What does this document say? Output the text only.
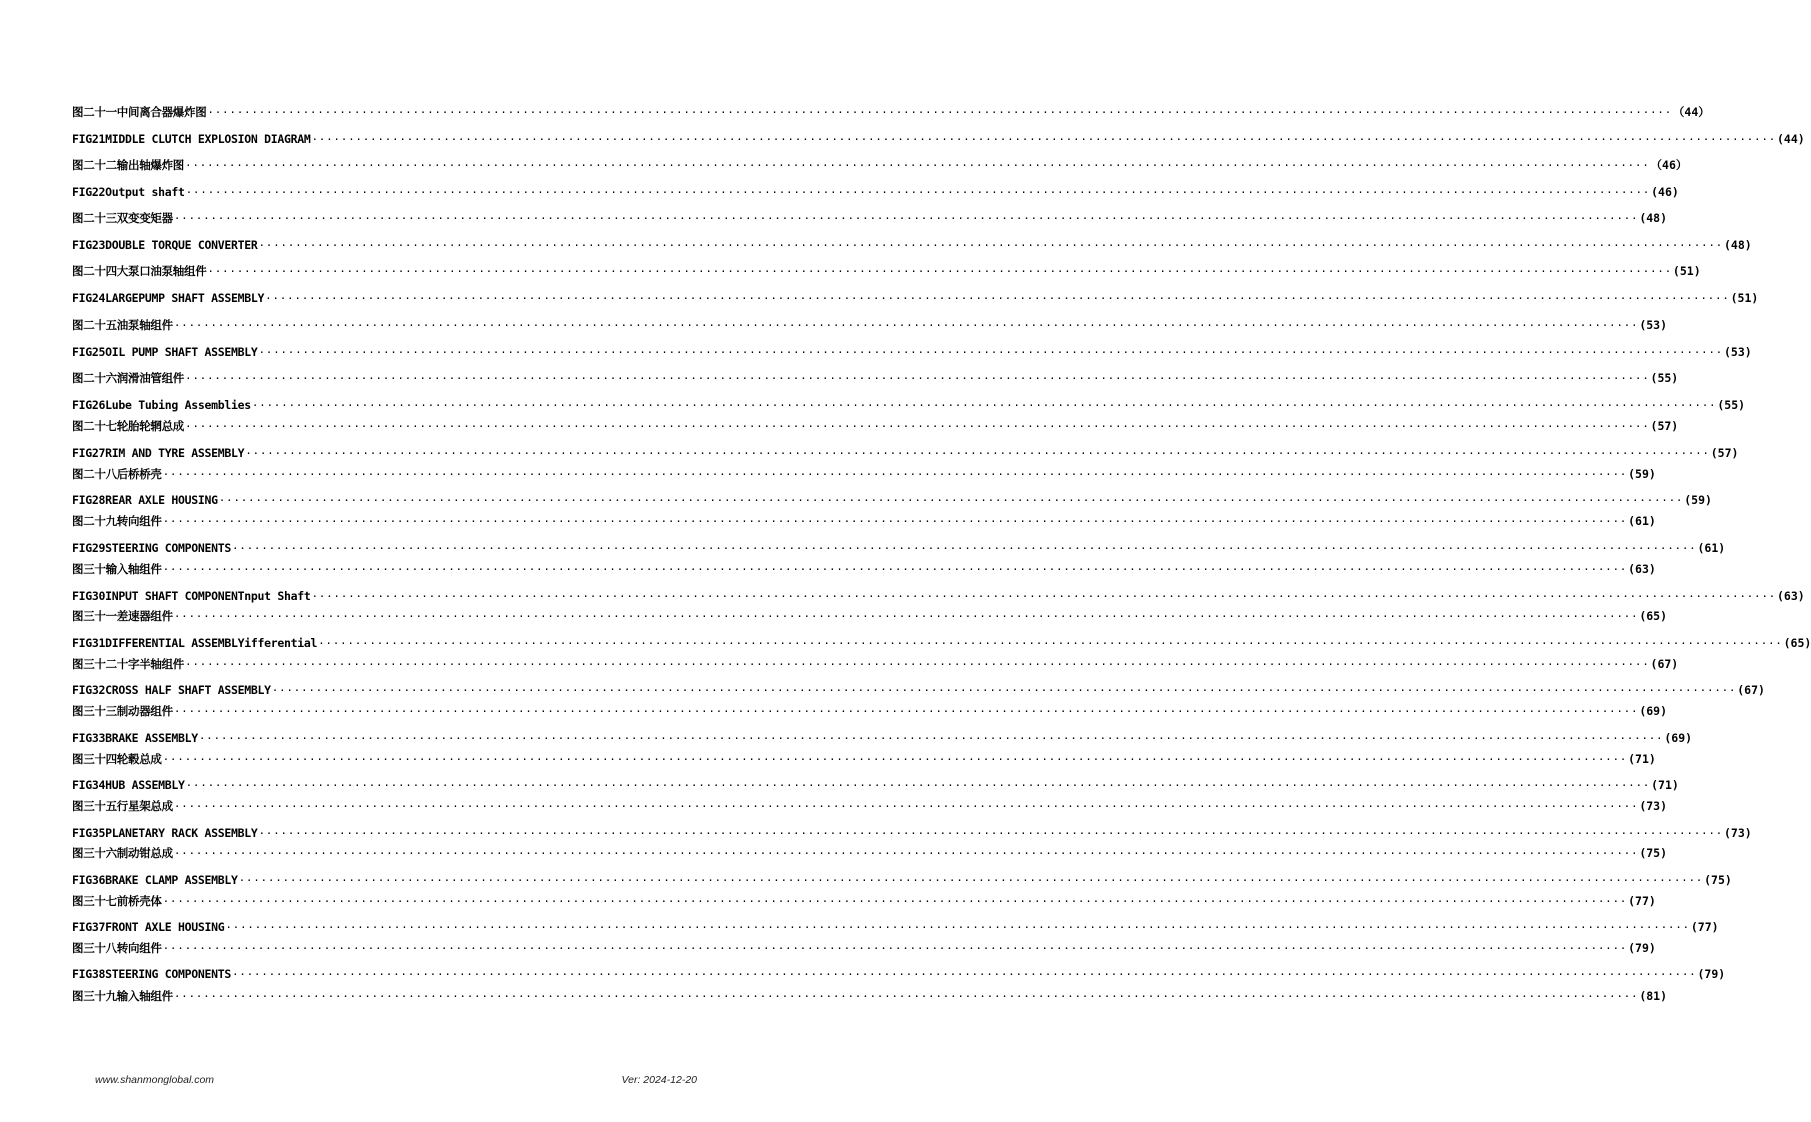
图二十一中间离合器爆炸图 ········································································································································································································ （44）
FIG21MIDDLE CLUTCH EXPLOSION DIAGRAM ········································································································································································································ (44)
图二十二输出轴爆炸图 ········································································································································································································ （46）
FIG22Output shaft ········································································································································································································ (46)
图二十三双变变矩器 ········································································································································································································ (48)
FIG23DOUBLE TORQUE CONVERTER ········································································································································································································ (48)
图二十四大泵口油泵轴组件 ········································································································································································································ (51)
FIG24LARGEPUMP SHAFT ASSEMBLY ········································································································································································································ (51)
图二十五油泵轴组件 ········································································································································································································ (53)
FIG25OIL PUMP SHAFT ASSEMBLY ········································································································································································································ (53)
图二十六润滑油管组件 ········································································································································································································ (55)
FIG26Lube Tubing Assemblies ········································································································································································································ (55)
图二十七轮胎轮辋总成 ········································································································································································································ (57)
FIG27RIM AND TYRE ASSEMBLY ········································································································································································································ (57)
图二十八后桥桥壳 ········································································································································································································ (59)
FIG28REAR AXLE HOUSING ········································································································································································································ (59)
图二十九转向组件 ········································································································································································································ (61)
FIG29STEERING COMPONENTS ········································································································································································································ (61)
图三十输入轴组件 ········································································································································································································ (63)
FIG30INPUT SHAFT COMPONENTnput Shaft ········································································································································································································ (63)
图三十一差速器组件 ········································································································································································································ (65)
FIG31DIFFERENTIAL ASSEMBLYifferential ········································································································································································································ (65)
图三十二十字半轴组件 ········································································································································································································ (67)
FIG32CROSS HALF SHAFT ASSEMBLY ········································································································································································································ (67)
图三十三制动器组件 ········································································································································································································ (69)
FIG33BRAKE ASSEMBLY ········································································································································································································ (69)
图三十四轮毂总成 ········································································································································································································ (71)
FIG34HUB ASSEMBLY ········································································································································································································ (71)
图三十五行星架总成 ········································································································································································································ (73)
FIG35PLANETARY RACK ASSEMBLY ········································································································································································································ (73)
图三十六制动钳总成 ········································································································································································································ (75)
FIG36BRAKE CLAMP ASSEMBLY ········································································································································································································ (75)
图三十七前桥壳体 ········································································································································································································ (77)
FIG37FRONT AXLE HOUSING ········································································································································································································ (77)
图三十八转向组件 ········································································································································································································ (79)
FIG38STEERING COMPONENTS ········································································································································································································ (79)
图三十九输入轴组件 ········································································································································································································ (81)
www.shanmonglobal.com	Ver: 2024-12-20
